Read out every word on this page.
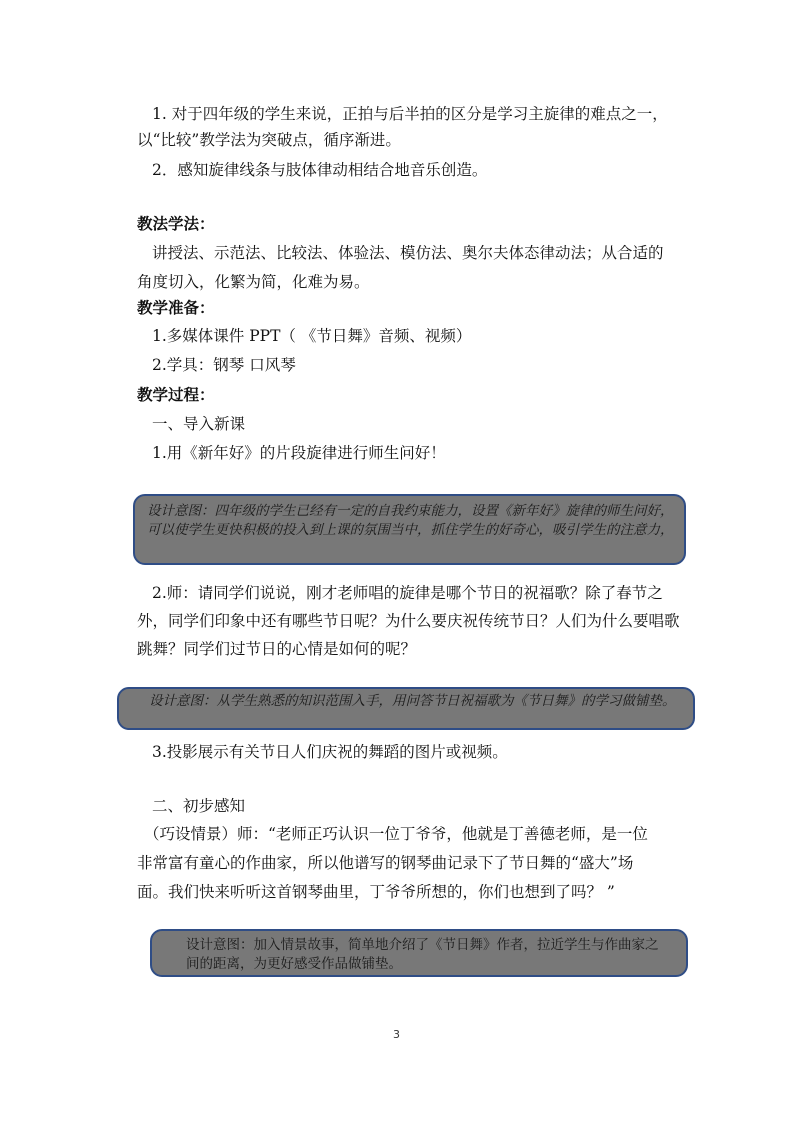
1. 对于四年级的学生来说，正拍与后半拍的区分是学习主旋律的难点之一，

以“比较”教学法为突破点，循序渐进。

2．感知旋律线条与肢体律动相结合地音乐创造。

教法学法：

讲授法、示范法、比较法、体验法、模仿法、奥尔夫体态律动法；从合适的

角度切入，化繁为简，化难为易。

教学准备：

1.多媒体课件 PPT（ 《节日舞》音频、视频）

2.学具：钢琴 口风琴

教学过程：

一、导入新课

1.用《新年好》的片段旋律进行师生问好！

设计意图：四年级的学生已经有一定的自我约束能力，设置《新年好》旋律的师生问好，
可以使学生更快积极的投入到上课的氛围当中，抓住学生的好奇心，吸引学生的注意力，

2.师：请同学们说说，刚才老师唱的旋律是哪个节日的祝福歌？除了春节之

外，同学们印象中还有哪些节日呢？为什么要庆祝传统节日？人们为什么要唱歌

跳舞？同学们过节日的心情是如何的呢？

设计意图：从学生熟悉的知识范围入手，用问答节日祝福歌为《节日舞》的学习做铺垫。

3.投影展示有关节日人们庆祝的舞蹈的图片或视频。

二、初步感知

（巧设情景）师：“老师正巧认识一位丁爷爷，他就是丁善德老师，是一位

非常富有童心的作曲家，所以他谱写的钢琴曲记录下了节日舞的“盛大”场

面。我们快来听听这首钢琴曲里，丁爷爷所想的，你们也想到了吗？ ”

设计意图：加入情景故事，简单地介绍了《节日舞》作者，拉近学生与作曲家之
间的距离，为更好感受作品做铺垫。
3
